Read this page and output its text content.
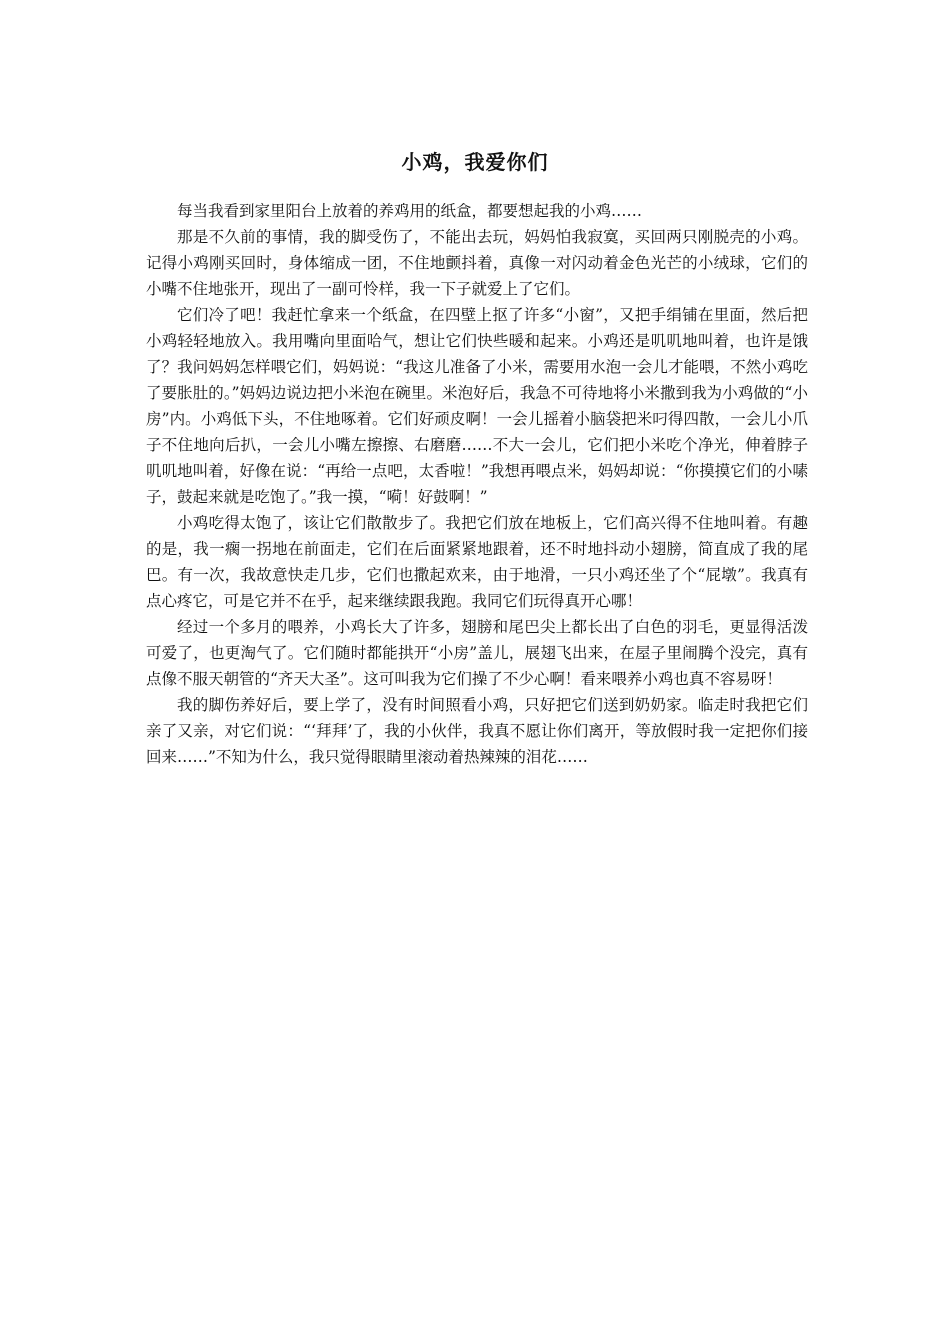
小鸡，我爱你们

每当我看到家里阳台上放着的养鸡用的纸盒，都要想起我的小鸡……

那是不久前的事情，我的脚受伤了，不能出去玩，妈妈怕我寂寞，买回两只刚脱壳的小鸡。记得小鸡刚买回时，身体缩成一团，不住地颤抖着，真像一对闪动着金色光芒的小绒球，它们的小嘴不住地张开，现出了一副可怜样，我一下子就爱上了它们。

它们冷了吧！我赶忙拿来一个纸盒，在四壁上抠了许多“小窗”，又把手绢铺在里面，然后把小鸡轻轻地放入。我用嘴向里面哈气，想让它们快些暖和起来。小鸡还是叽叽地叫着，也许是饿了？我问妈妈怎样喂它们，妈妈说：“我这儿准备了小米，需要用水泡一会儿才能喂，不然小鸡吃了要胀肚的。”妈妈边说边把小米泡在碗里。米泡好后，我急不可待地将小米撒到我为小鸡做的“小房”内。小鸡低下头，不住地啄着。它们好顽皮啊！一会儿摇着小脑袋把米叼得四散，一会儿小爪子不住地向后扒，一会儿小嘴左擦擦、右磨磨……不大一会儿，它们把小米吃个净光，伸着脖子叽叽地叫着，好像在说：“再给一点吧，太香啦！”我想再喂点米，妈妈却说：“你摸摸它们的小嗉子，鼓起来就是吃饱了。”我一摸，“嗬！好鼓啊！”

小鸡吃得太饱了，该让它们散散步了。我把它们放在地板上，它们高兴得不住地叫着。有趣的是，我一瘸一拐地在前面走，它们在后面紧紧地跟着，还不时地抖动小翅膀，简直成了我的尾巴。有一次，我故意快走几步，它们也撒起欢来，由于地滑，一只小鸡还坐了个“屁墩”。我真有点心疼它，可是它并不在乎，起来继续跟我跑。我同它们玩得真开心哪！

经过一个多月的喂养，小鸡长大了许多，翅膀和尾巴尖上都长出了白色的羽毛，更显得活泼可爱了，也更淘气了。它们随时都能拱开“小房”盖儿，展翅飞出来，在屋子里闹腾个没完，真有点像不服天朝管的“齐天大圣”。这可叫我为它们操了不少心啊！看来喂养小鸡也真不容易呀！

我的脚伤养好后，要上学了，没有时间照看小鸡，只好把它们送到奶奶家。临走时我把它们亲了又亲，对它们说：“‘拜拜’了，我的小伙伴，我真不愿让你们离开，等放假时我一定把你们接回来……”不知为什么，我只觉得眼睛里滚动着热辣辣的泪花……
